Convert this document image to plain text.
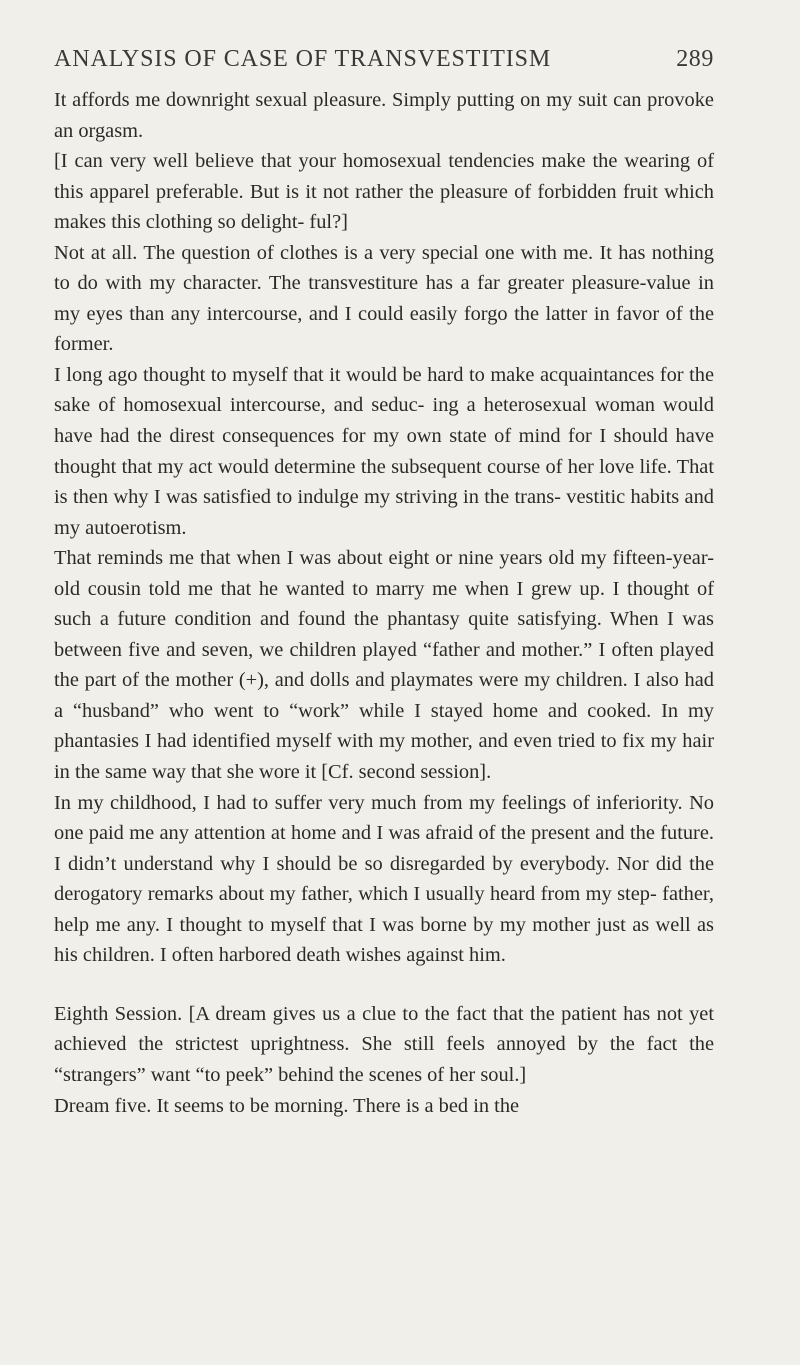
ANALYSIS OF CASE OF TRANSVESTITISM	289

It affords me downright sexual pleasure. Simply putting on my suit can provoke an orgasm.

[I can very well believe that your homosexual tendencies make the wearing of this apparel preferable. But is it not rather the pleasure of forbidden fruit which makes this clothing so delight- ful?]

Not at all. The question of clothes is a very special one with me. It has nothing to do with my character. The transvestiture has a far greater pleasure-value in my eyes than any intercourse, and I could easily forgo the latter in favor of the former.

I long ago thought to myself that it would be hard to make acquaintances for the sake of homosexual intercourse, and seduc- ing a heterosexual woman would have had the direst consequences for my own state of mind for I should have thought that my act would determine the subsequent course of her love life. That is then why I was satisfied to indulge my striving in the trans- vestitic habits and my autoerotism.

That reminds me that when I was about eight or nine years old my fifteen-year-old cousin told me that he wanted to marry me when I grew up. I thought of such a future condition and found the phantasy quite satisfying. When I was between five and seven, we children played “father and mother.” I often played the part of the mother (+), and dolls and playmates were my children. I also had a “husband” who went to “work” while I stayed home and cooked. In my phantasies I had identified myself with my mother, and even tried to fix my hair in the same way that she wore it [Cf. second session].

In my childhood, I had to suffer very much from my feelings of inferiority. No one paid me any attention at home and I was afraid of the present and the future. I didn’t understand why I should be so disregarded by everybody. Nor did the derogatory remarks about my father, which I usually heard from my step- father, help me any. I thought to myself that I was borne by my mother just as well as his children. I often harbored death wishes against him.

Eighth Session. [A dream gives us a clue to the fact that the patient has not yet achieved the strictest uprightness. She still feels annoyed by the fact the “strangers” want “to peek” behind the scenes of her soul.]

Dream five. It seems to be morning. There is a bed in the
